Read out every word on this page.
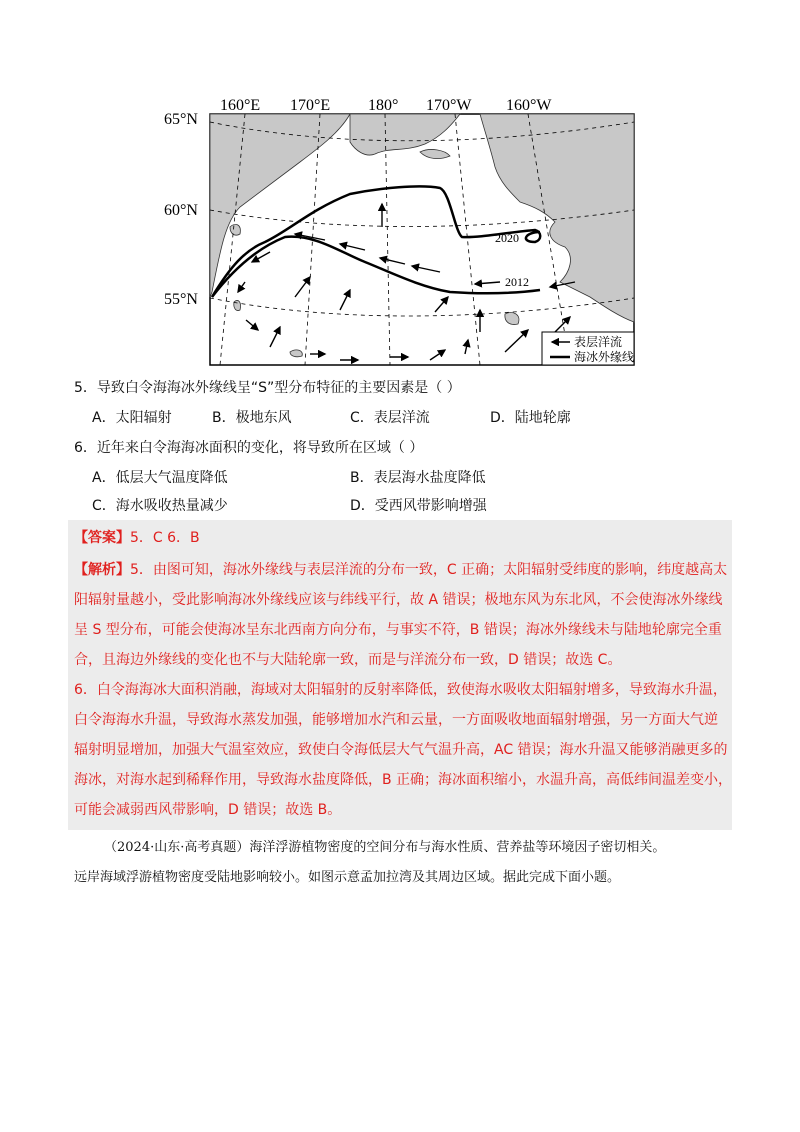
160°E 170°E 180° 170°W 160°W
65°N
60°N
55°N
2020
2012
表层洋流
海冰外缘线
5．导致白令海海冰外缘线呈“S”型分布特征的主要因素是（ ）
A．太阳辐射	B．极地东风	C．表层洋流	D．陆地轮廓
6．近年来白令海海冰面积的变化，将导致所在区域（ ）
A．低层大气温度降低	B．表层海水盐度降低
C．海水吸收热量减少	D．受西风带影响增强
【答案】5．C 6．B
【解析】5．由图可知，海冰外缘线与表层洋流的分布一致，C 正确；太阳辐射受纬度的影响，纬度越高太
阳辐射量越小，受此影响海冰外缘线应该与纬线平行，故 A 错误；极地东风为东北风，不会使海冰外缘线
呈 S 型分布，可能会使海冰呈东北西南方向分布，与事实不符，B 错误；海冰外缘线未与陆地轮廓完全重
合，且海边外缘线的变化也不与大陆轮廓一致，而是与洋流分布一致，D 错误；故选 C。
6．白令海海冰大面积消融，海域对太阳辐射的反射率降低，致使海水吸收太阳辐射增多，导致海水升温，
白令海海水升温，导致海水蒸发加强，能够增加水汽和云量，一方面吸收地面辐射增强，另一方面大气逆
辐射明显增加，加强大气温室效应，致使白令海低层大气气温升高，AC 错误；海水升温又能够消融更多的
海冰，对海水起到稀释作用，导致海水盐度降低，B 正确；海冰面积缩小，水温升高，高低纬间温差变小，
可能会减弱西风带影响，D 错误；故选 B。
（2024·山东·高考真题）海洋浮游植物密度的空间分布与海水性质、营养盐等环境因子密切相关。
远岸海域浮游植物密度受陆地影响较小。如图示意孟加拉湾及其周边区域。据此完成下面小题。
